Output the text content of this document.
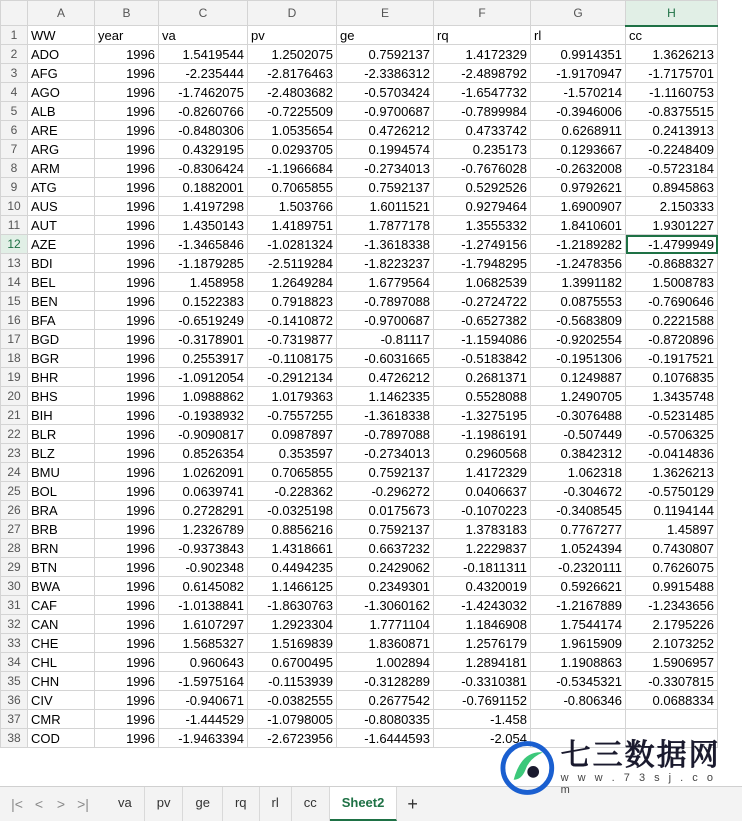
	A	B	C	D	E	F	G	H
1	WW	year	va	pv	ge	rq	rl	cc
2	ADO	1996	1.5419544	1.2502075	0.7592137	1.4172329	0.9914351	1.3626213
3	AFG	1996	-2.235444	-2.8176463	-2.3386312	-2.4898792	-1.9170947	-1.7175701
4	AGO	1996	-1.7462075	-2.4803682	-0.5703424	-1.6547732	-1.570214	-1.1160753
5	ALB	1996	-0.8260766	-0.7225509	-0.9700687	-0.7899984	-0.3946006	-0.8375515
6	ARE	1996	-0.8480306	1.0535654	0.4726212	0.4733742	0.6268911	0.2413913
7	ARG	1996	0.4329195	0.0293705	0.1994574	0.235173	0.1293667	-0.2248409
8	ARM	1996	-0.8306424	-1.1966684	-0.2734013	-0.7676028	-0.2632008	-0.5723184
9	ATG	1996	0.1882001	0.7065855	0.7592137	0.5292526	0.9792621	0.8945863
10	AUS	1996	1.4197298	1.503766	1.6011521	0.9279464	1.6900907	2.150333
11	AUT	1996	1.4350143	1.4189751	1.7877178	1.3555332	1.8410601	1.9301227
12	AZE	1996	-1.3465846	-1.0281324	-1.3618338	-1.2749156	-1.2189282	-1.4799949
13	BDI	1996	-1.1879285	-2.5119284	-1.8223237	-1.7948295	-1.2478356	-0.8688327
14	BEL	1996	1.458958	1.2649284	1.6779564	1.0682539	1.3991182	1.5008783
15	BEN	1996	0.1522383	0.7918823	-0.7897088	-0.2724722	0.0875553	-0.7690646
16	BFA	1996	-0.6519249	-0.1410872	-0.9700687	-0.6527382	-0.5683809	0.2221588
17	BGD	1996	-0.3178901	-0.7319877	-0.81117	-1.1594086	-0.9202554	-0.8720896
18	BGR	1996	0.2553917	-0.1108175	-0.6031665	-0.5183842	-0.1951306	-0.1917521
19	BHR	1996	-1.0912054	-0.2912134	0.4726212	0.2681371	0.1249887	0.1076835
20	BHS	1996	1.0988862	1.0179363	1.1462335	0.5528088	1.2490705	1.3435748
21	BIH	1996	-0.1938932	-0.7557255	-1.3618338	-1.3275195	-0.3076488	-0.5231485
22	BLR	1996	-0.9090817	0.0987897	-0.7897088	-1.1986191	-0.507449	-0.5706325
23	BLZ	1996	0.8526354	0.353597	-0.2734013	0.2960568	0.3842312	-0.0414836
24	BMU	1996	1.0262091	0.7065855	0.7592137	1.4172329	1.062318	1.3626213
25	BOL	1996	0.0639741	-0.228362	-0.296272	0.0406637	-0.304672	-0.5750129
26	BRA	1996	0.2728291	-0.0325198	0.0175673	-0.1070223	-0.3408545	0.1194144
27	BRB	1996	1.2326789	0.8856216	0.7592137	1.3783183	0.7767277	1.45897
28	BRN	1996	-0.9373843	1.4318661	0.6637232	1.2229837	1.0524394	0.7430807
29	BTN	1996	-0.902348	0.4494235	0.2429062	-0.1811311	-0.2320111	0.7626075
30	BWA	1996	0.6145082	1.1466125	0.2349301	0.4320019	0.5926621	0.9915488
31	CAF	1996	-1.0138841	-1.8630763	-1.3060162	-1.4243032	-1.2167889	-1.2343656
32	CAN	1996	1.6107297	1.2923304	1.7771104	1.1846908	1.7544174	2.1795226
33	CHE	1996	1.5685327	1.5169839	1.8360871	1.2576179	1.9615909	2.1073252
34	CHL	1996	0.960643	0.6700495	1.002894	1.2894181	1.1908863	1.5906957
35	CHN	1996	-1.5975164	-0.1153939	-0.3128289	-0.3310381	-0.5345321	-0.3307815
36	CIV	1996	-0.940671	-0.0382555	0.2677542	-0.7691152	-0.806346	0.0688334
37	CMR	1996	-1.444529	-1.0798005	-0.8080335	-1.458		
38	COD	1996	-1.9463394	-2.6723956	-1.6444593	-2.054		
|< < > >|	va	pv	ge	rq	rl	cc	Sheet2	+
七三数据网
w w w . 7 3 s j . c o m
